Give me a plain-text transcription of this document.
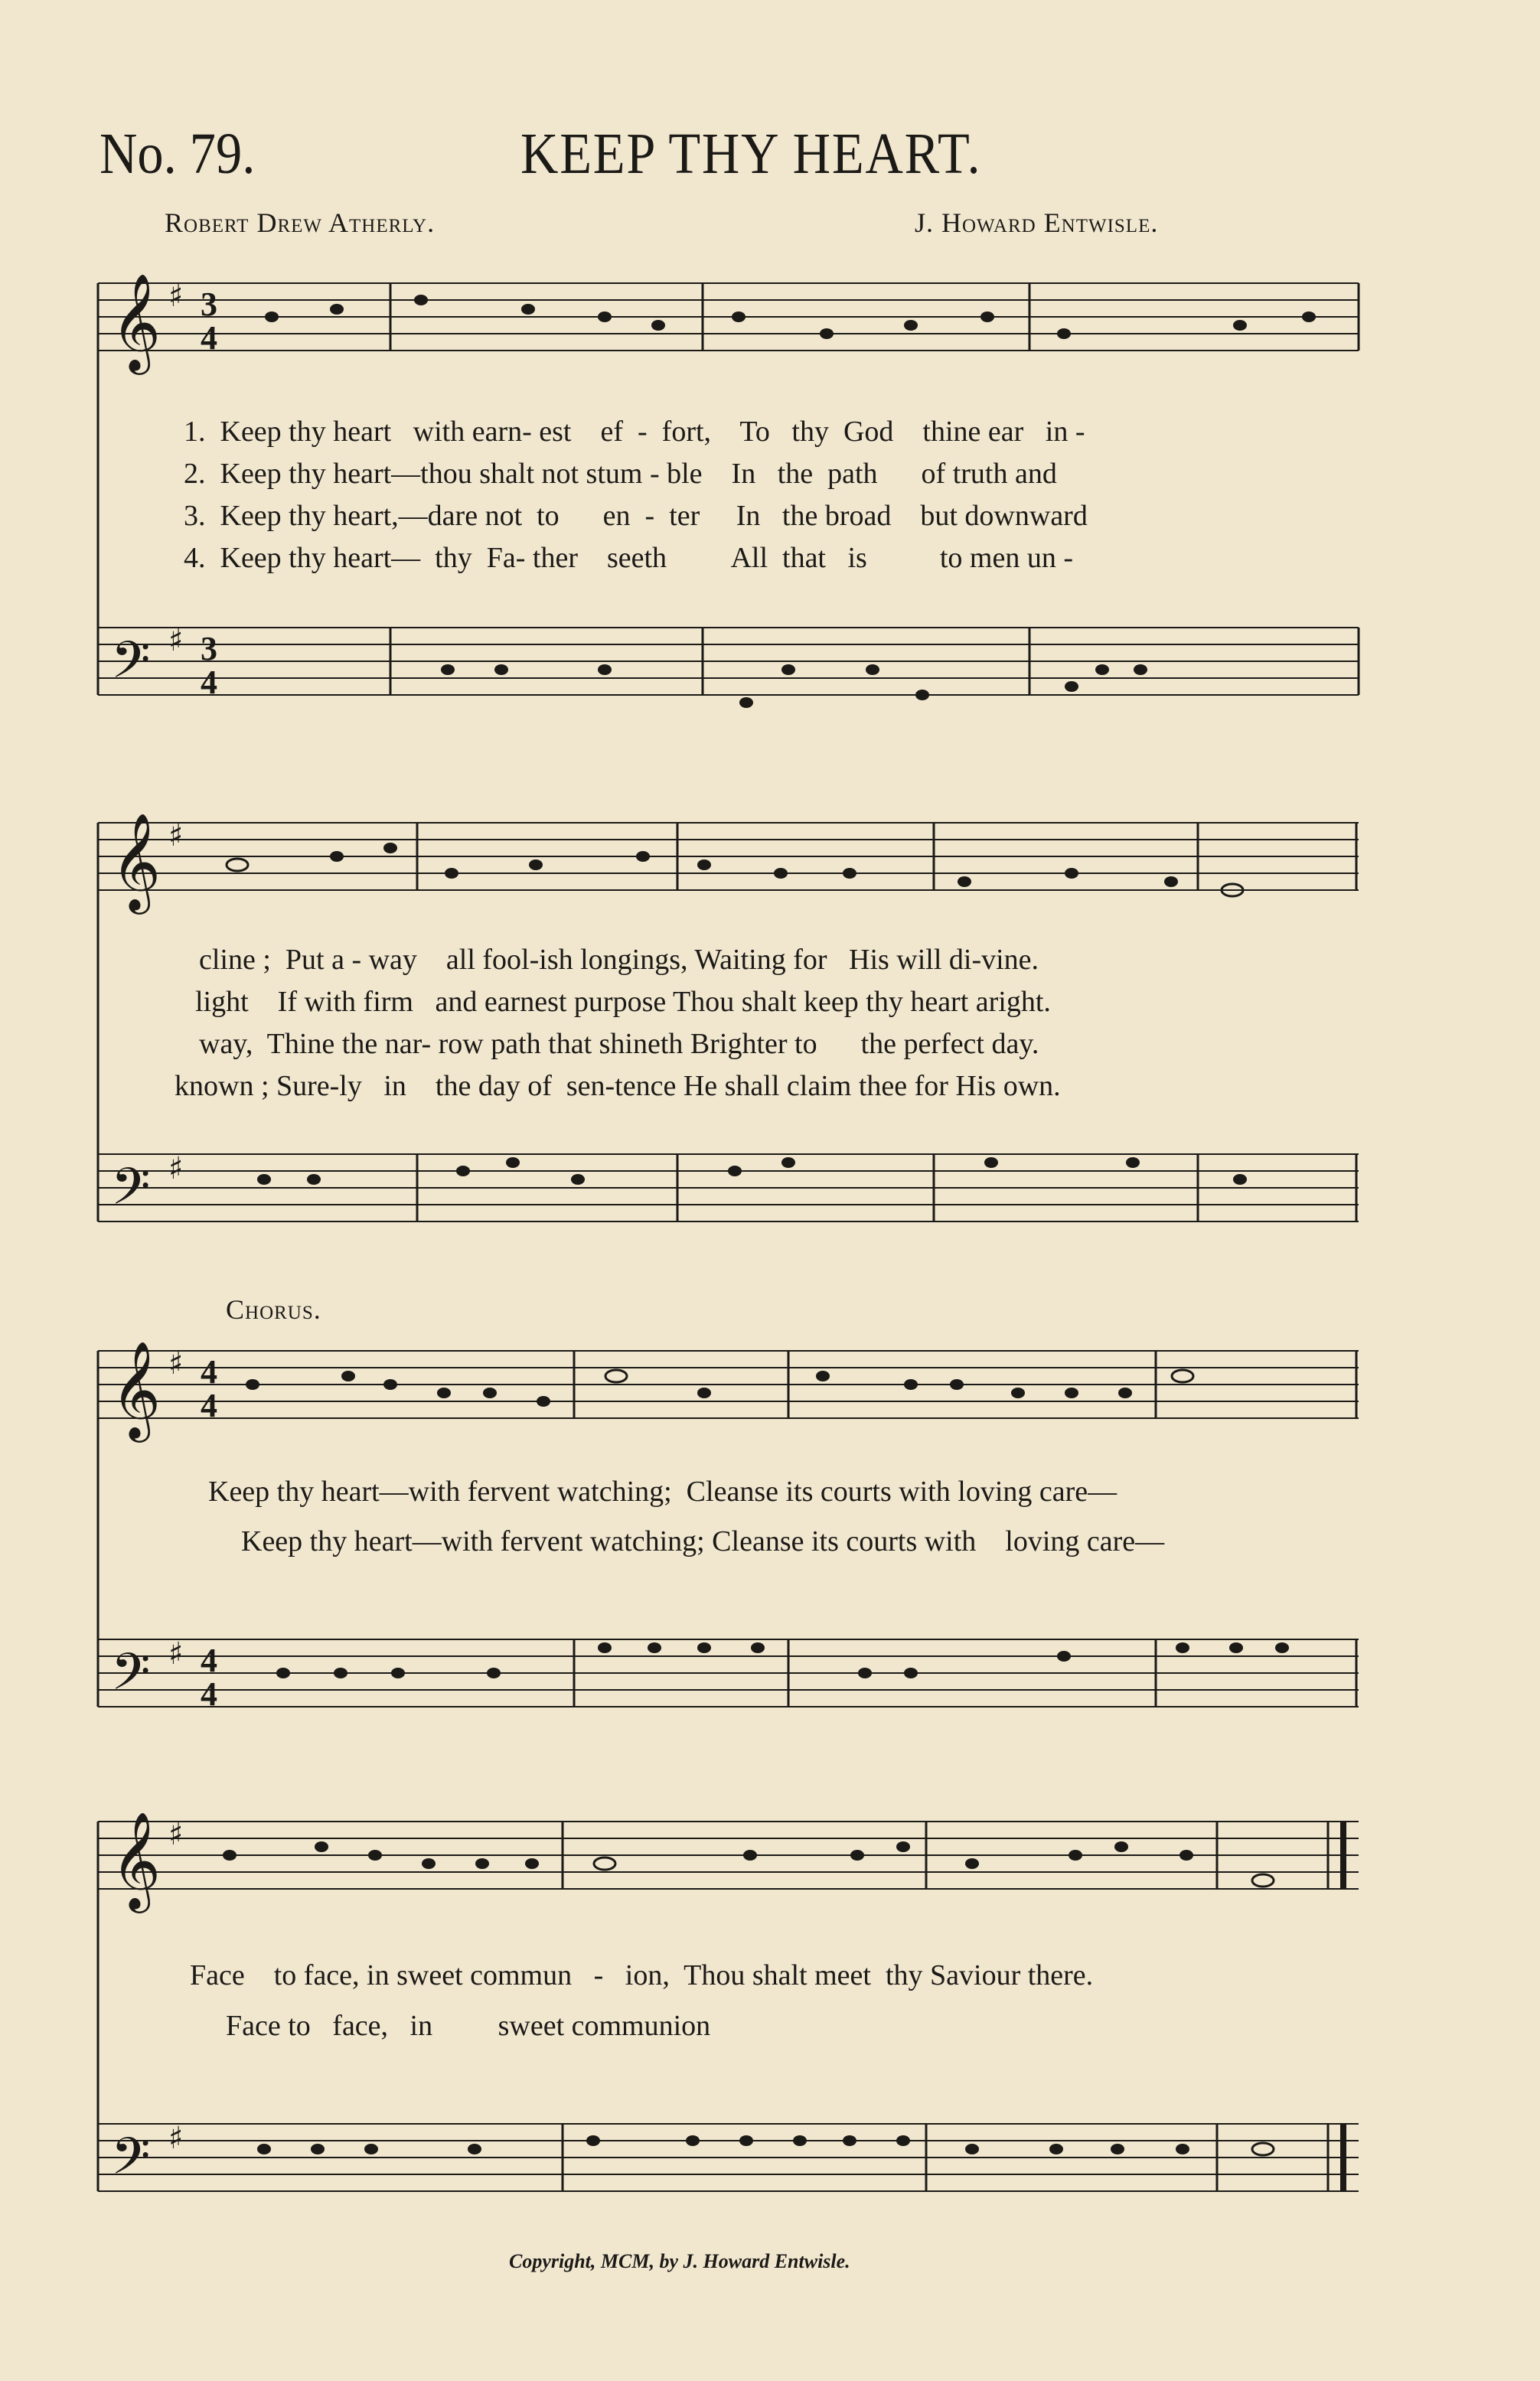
No. 79.	KEEP THY HEART.
Robert Drew Atherly.	J. Howard Entwisle.
𝄞
𝄢
𝄞
𝄢
𝄞
𝄢
𝄞
𝄢
♯
♯
♯
♯
♯
♯
♯
♯
3
4
3
4
4
4
4
4
1.  Keep thy heart   with earn- est    ef  -  fort,    To   thy  God    thine ear   in -
2.  Keep thy heart—thou shalt not stum - ble    In   the  path      of truth and
3.  Keep thy heart,—dare not  to      en  -  ter     In   the broad    but downward
4.  Keep thy heart—  thy  Fa- ther    seeth         All  that   is          to men un -
cline ;  Put a - way    all fool-ish longings, Waiting for   His will di-vine.
light    If with firm   and earnest purpose Thou shalt keep thy heart aright.
way,  Thine the nar- row path that shineth Brighter to      the perfect day.
known ; Sure-ly   in    the day of  sen-tence He shall claim thee for His own.
Chorus.
Keep thy heart—with fervent watching;  Cleanse its courts with loving care—
Keep thy heart—with fervent watching; Cleanse its courts with    loving care—
Face    to face, in sweet commun   -   ion,  Thou shalt meet  thy Saviour there.
Face to   face,   in         sweet communion
Copyright, MCM, by J. Howard Entwisle.
